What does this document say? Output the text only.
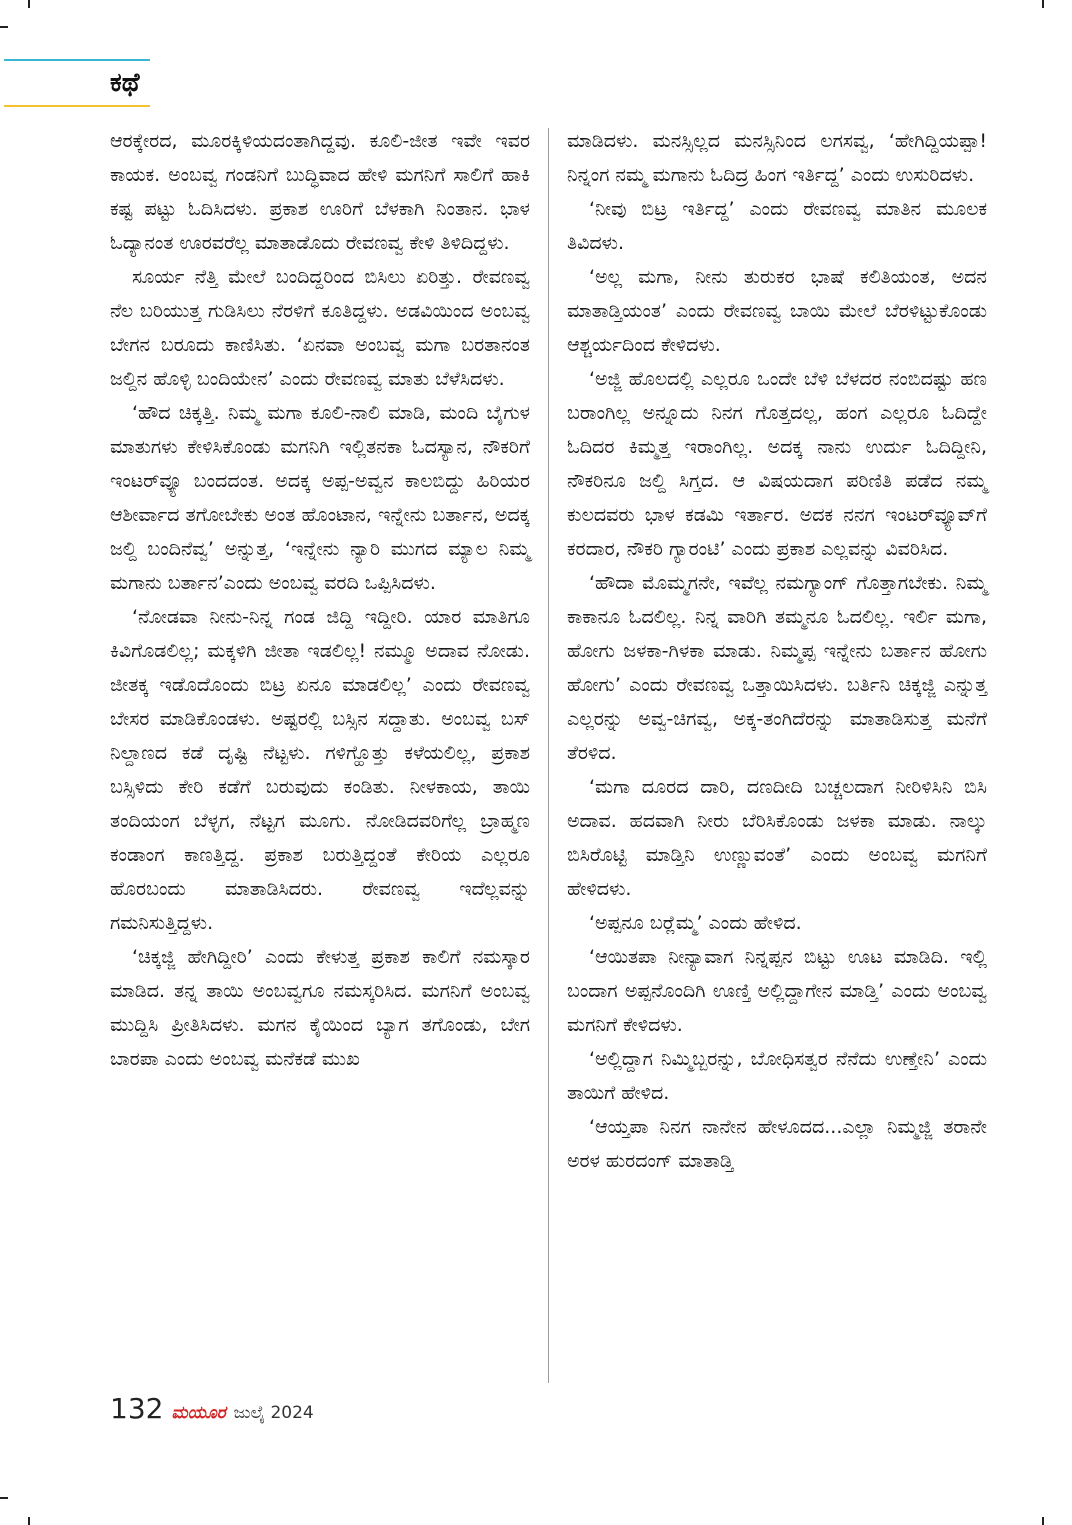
ಕಥೆ

ಆರಕ್ಕೇರದ, ಮೂರಕ್ಕಿಳಿಯದಂತಾಗಿದ್ದವು. ಕೂಲಿ-ಜೀತ ಇವೇ ಇವರ ಕಾಯಕ. ಅಂಬವ್ವ ಗಂಡನಿಗೆ ಬುದ್ಧಿವಾದ ಹೇಳಿ ಮಗನಿಗೆ ಸಾಲಿಗೆ ಹಾಕಿ ಕಷ್ಟ ಪಟ್ಟು ಓದಿಸಿದಳು. ಪ್ರಕಾಶ ಊರಿಗೆ ಬೆಳಕಾಗಿ ನಿಂತಾನ. ಭಾಳ ಓದ್ಯಾನಂತ ಊರವರೆಲ್ಲ ಮಾತಾಡೊದು ರೇವಣವ್ವ ಕೇಳಿ ತಿಳಿದಿದ್ದಳು.

ಸೂರ್ಯ ನೆತ್ತಿ ಮೇಲೆ ಬಂದಿದ್ದರಿಂದ ಬಿಸಿಲು ಏರಿತ್ತು. ರೇವಣವ್ವ ನೆಲ ಬರಿಯುತ್ತ ಗುಡಿಸಿಲು ನೆರಳಿಗೆ ಕೂತಿದ್ದಳು. ಅಡವಿಯಿಂದ ಅಂಬವ್ವ ಬೇಗನ ಬರೂದು ಕಾಣಿಸಿತು. ‘ಏನವಾ ಅಂಬವ್ವ ಮಗಾ ಬರತಾನಂತ ಜಲ್ದಿನ ಹೊಳ್ಳಿ ಬಂದಿಯೇನ’ ಎಂದು ರೇವಣವ್ವ ಮಾತು ಬೆಳೆಸಿದಳು.

‘ಹೌದ ಚಿಕ್ಕತ್ತಿ. ನಿಮ್ಮ ಮಗಾ ಕೂಲಿ-ನಾಲಿ ಮಾಡಿ, ಮಂದಿ ಬೈಗುಳ ಮಾತುಗಳು ಕೇಳಿಸಿಕೊಂಡು ಮಗನಿಗಿ ಇಲ್ಲಿತನಕಾ ಓದಸ್ಯಾನ, ನೌಕರಿಗೆ ಇಂಟರ್‌ವ್ಯೂ ಬಂದದಂತ. ಅದಕ್ಕ ಅಪ್ಪ-ಅವ್ವನ ಕಾಲಬಿದ್ದು ಹಿರಿಯರ ಆಶೀರ್ವಾದ ತಗೋಬೇಕು ಅಂತ ಹೊಂಟಾನ, ಇನ್ನೇನು ಬರ್ತಾನ, ಅದಕ್ಕ ಜಲ್ದಿ ಬಂದಿನೆವ್ವ’ ಅನ್ನುತ್ತ, ‘ಇನ್ನೇನು ನ್ಯಾರಿ ಮುಗದ ಮ್ಯಾಲ ನಿಮ್ಮ ಮಗಾನು ಬರ್ತಾನ’ಎಂದು ಅಂಬವ್ವ ವರದಿ ಒಪ್ಪಿಸಿದಳು.

‘ನೋಡವಾ ನೀನು-ನಿನ್ನ ಗಂಡ ಜಿದ್ದಿ ಇದ್ದೀರಿ. ಯಾರ ಮಾತಿಗೂ ಕಿವಿಗೊಡಲಿಲ್ಲ; ಮಕ್ಕಳಿಗಿ ಜೀತಾ ಇಡಲಿಲ್ಲ! ನಮ್ಮೂ ಅದಾವ ನೋಡು. ಜೀತಕ್ಕ ಇಡೊದೊಂದು ಬಿಟ್ರ ಏನೂ ಮಾಡಲಿಲ್ಲ’ ಎಂದು ರೇವಣವ್ವ ಬೇಸರ ಮಾಡಿಕೊಂಡಳು. ಅಷ್ಟರಲ್ಲಿ ಬಸ್ಸಿನ ಸದ್ದಾತು. ಅಂಬವ್ವ ಬಸ್ ನಿಲ್ದಾಣದ ಕಡೆ ದೃಷ್ಟಿ ನೆಟ್ಟಳು. ಗಳಿಗ್ಹೊತ್ತು ಕಳೆಯಲಿಲ್ಲ, ಪ್ರಕಾಶ ಬಸ್ಸಿಳಿದು ಕೇರಿ ಕಡೆಗೆ ಬರುವುದು ಕಂಡಿತು. ನೀಳಕಾಯ, ತಾಯಿ ತಂದಿಯಂಗ ಬೆಳ್ಳಗ, ನೆಟ್ಟಗ ಮೂಗು. ನೋಡಿದವರಿಗೆಲ್ಲ ಬ್ರಾಹ್ಮಣ ಕಂಡಾಂಗ ಕಾಣತ್ತಿದ್ದ. ಪ್ರಕಾಶ ಬರುತ್ತಿದ್ದಂತೆ ಕೇರಿಯ ಎಲ್ಲರೂ ಹೊರಬಂದು ಮಾತಾಡಿಸಿದರು. ರೇವಣವ್ವ ಇದೆಲ್ಲವನ್ನು ಗಮನಿಸುತ್ತಿದ್ದಳು.

‘ಚಿಕ್ಕಜ್ಜಿ ಹೇಗಿದ್ದೀರಿ’ ಎಂದು ಕೇಳುತ್ತ ಪ್ರಕಾಶ ಕಾಲಿಗೆ ನಮಸ್ಕಾರ ಮಾಡಿದ. ತನ್ನ ತಾಯಿ ಅಂಬವ್ವಗೂ ನಮಸ್ಕರಿಸಿದ. ಮಗನಿಗೆ ಅಂಬವ್ವ ಮುದ್ದಿಸಿ ಪ್ರೀತಿಸಿದಳು. ಮಗನ ಕೈಯಿಂದ ಬ್ಯಾಗ ತಗೊಂಡು, ಬೇಗ ಬಾರಪಾ ಎಂದು ಅಂಬವ್ವ ಮನೆಕಡೆ ಮುಖ

ಮಾಡಿದಳು. ಮನಸ್ಸಿಲ್ಲದ ಮನಸ್ಸಿನಿಂದ ಲಗಸವ್ವ, ‘ಹೇಗಿದ್ದಿಯಪ್ಪಾ! ನಿನ್ನಂಗ ನಮ್ಮ ಮಗಾನು ಓದಿದ್ರ ಹಿಂಗ ಇರ್ತಿದ್ದ’ ಎಂದು ಉಸುರಿದಳು.

‘ನೀವು ಬಿಟ್ರ ಇರ್ತಿದ್ದ’ ಎಂದು ರೇವಣವ್ವ ಮಾತಿನ ಮೂಲಕ ತಿವಿದಳು.

‘ಅಲ್ಲ ಮಗಾ, ನೀನು ತುರುಕರ ಭಾಷೆ ಕಲಿತಿಯಂತ, ಅದನ ಮಾತಾಡ್ತಿಯಂತ’ ಎಂದು ರೇವಣವ್ವ ಬಾಯಿ ಮೇಲೆ ಬೆರಳಿಟ್ಟುಕೊಂಡು ಆಶ್ಚರ್ಯದಿಂದ ಕೇಳಿದಳು.

‘ಅಜ್ಜಿ ಹೊಲದಲ್ಲಿ ಎಲ್ಲರೂ ಒಂದೇ ಬೆಳಿ ಬೆಳದರ ನಂಬಿದಷ್ಟು ಹಣ ಬರಾಂಗಿಲ್ಲ ಅನ್ನೂದು ನಿನಗ ಗೊತ್ತದಲ್ಲ, ಹಂಗ ಎಲ್ಲರೂ ಓದಿದ್ದೇ ಓದಿದರ ಕಿಮ್ಮತ್ತ ಇರಾಂಗಿಲ್ಲ. ಅದಕ್ಕ ನಾನು ಉರ್ದು ಓದಿದ್ದೀನಿ, ನೌಕರಿನೂ ಜಲ್ದಿ ಸಿಗ್ತದ. ಆ ವಿಷಯದಾಗ ಪರಿಣಿತಿ ಪಡೆದ ನಮ್ಮ ಕುಲದವರು ಭಾಳ ಕಡಮಿ ಇರ್ತಾರ. ಅದಕ ನನಗ ಇಂಟರ್‌ವ್ಯೂವ್‌ಗೆ ಕರದಾರ, ನೌಕರಿ ಗ್ಯಾರಂಟಿ’ ಎಂದು ಪ್ರಕಾಶ ಎಲ್ಲವನ್ನು ವಿವರಿಸಿದ.

‘ಹೌದಾ ಮೊಮ್ಮಗನೇ, ಇವೆಲ್ಲ ನಮಗ್ಯಾಂಗ್ ಗೊತ್ತಾಗಬೇಕು. ನಿಮ್ಮ ಕಾಕಾನೂ ಓದಲಿಲ್ಲ. ನಿನ್ನ ವಾರಿಗಿ ತಮ್ಮನೂ ಓದಲಿಲ್ಲ. ಇರ್ಲಿ ಮಗಾ, ಹೋಗು ಜಳಕಾ-ಗಿಳಕಾ ಮಾಡು. ನಿಮ್ಮಪ್ಪ ಇನ್ನೇನು ಬರ್ತಾನ ಹೋಗು ಹೋಗು’ ಎಂದು ರೇವಣವ್ವ ಒತ್ತಾಯಿಸಿದಳು. ಬರ್ತಿನಿ ಚಿಕ್ಕಜ್ಜಿ ಎನ್ನುತ್ತ ಎಲ್ಲರನ್ನು ಅವ್ವ-ಚಿಗವ್ವ, ಅಕ್ಕ-ತಂಗಿದೆರನ್ನು ಮಾತಾಡಿಸುತ್ತ ಮನೆಗೆ ತೆರಳಿದ.

‘ಮಗಾ ದೂರದ ದಾರಿ, ದಣದೀದಿ ಬಚ್ಚಲದಾಗ ನೀರಿಳಿಸಿನಿ ಬಿಸಿ ಅದಾವ. ಹದವಾಗಿ ನೀರು ಬೆರಿಸಿಕೊಂಡು ಜಳಕಾ ಮಾಡು. ನಾಲ್ಕು ಬಿಸಿರೊಟ್ಟಿ ಮಾಡ್ತಿನಿ ಉಣ್ಣುವಂತೆ’ ಎಂದು ಅಂಬವ್ವ ಮಗನಿಗೆ ಹೇಳಿದಳು.

‘ಅಪ್ಪನೂ ಬರ್‍ಲೆಮ್ಮ’ ಎಂದು ಹೇಳಿದ.

‘ಆಯಿತಪಾ ನೀನ್ಯಾವಾಗ ನಿನ್ನಪ್ಪನ ಬಿಟ್ಟು ಊಟ ಮಾಡಿದಿ. ಇಲ್ಲಿ ಬಂದಾಗ ಅಪ್ಪನೊಂದಿಗಿ ಊಣ್ತಿ ಅಲ್ಲಿದ್ದಾಗೇನ ಮಾಡ್ತಿ’ ಎಂದು ಅಂಬವ್ವ ಮಗನಿಗೆ ಕೇಳಿದಳು.

‘ಅಲ್ಲಿದ್ದಾಗ ನಿಮ್ಮಿಬ್ಬರನ್ನು, ಬೋಧಿಸತ್ವರ ನೆನೆದು ಉಣ್ತೇನಿ’ ಎಂದು ತಾಯಿಗೆ ಹೇಳಿದ.

‘ಆಯ್ತಪಾ ನಿನಗ ನಾನೇನ ಹೇಳೂದದ...ಎಲ್ಲಾ ನಿಮ್ಮಜ್ಜಿ ತರಾನೇ ಅರಳ ಹುರದಂಗ್ ಮಾತಾಡ್ತಿ

132 ಮಯೂರ ಜುಲೈ 2024
